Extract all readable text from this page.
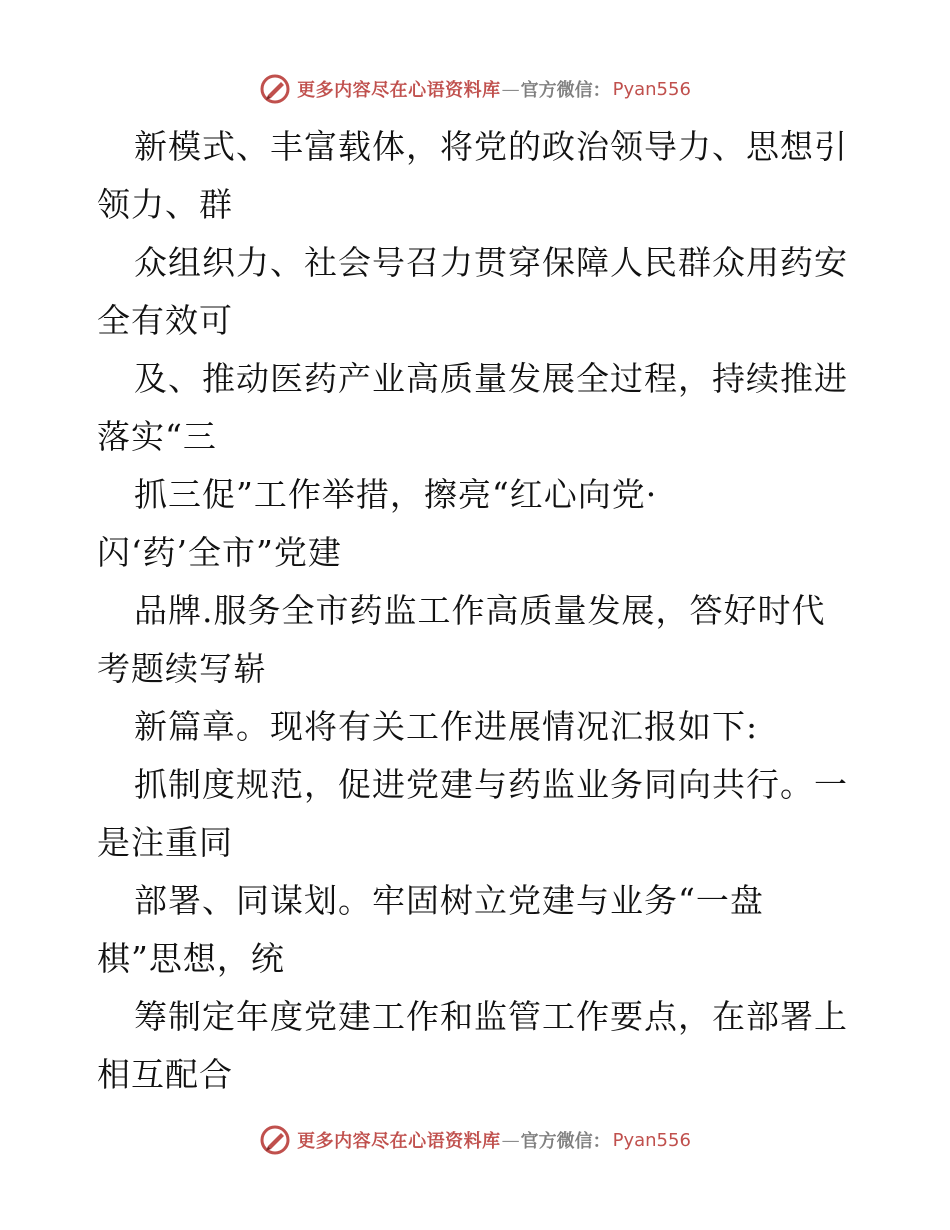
更多内容尽在心语资料库 — 官方微信： Pyan556
新模式、丰富载体，将党的政治领导力、思想引
领力、群
众组织力、社会号召力贯穿保障人民群众用药安
全有效可
及、推动医药产业高质量发展全过程，持续推进
落实“三
抓三促”工作举措，擦亮“红心向党·
闪‘药’全市”党建
品牌.服务全市药监工作高质量发展，答好时代
考题续写崭
新篇章。现将有关工作进展情况汇报如下:
抓制度规范，促进党建与药监业务同向共行。一
是注重同
部署、同谋划。牢固树立党建与业务“一盘
棋”思想，统
筹制定年度党建工作和监管工作要点，在部署上
相互配合
更多内容尽在心语资料库 — 官方微信： Pyan556
